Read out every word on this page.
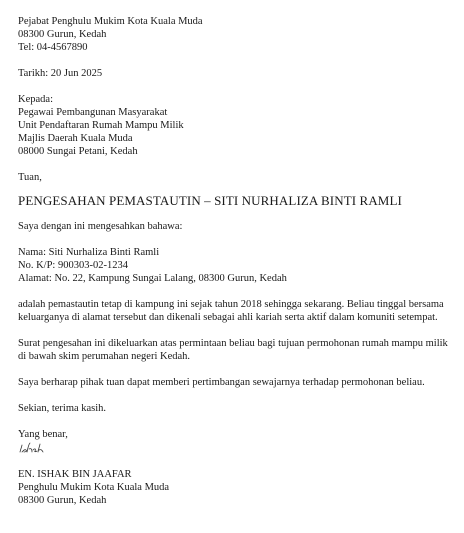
Pejabat Penghulu Mukim Kota Kuala Muda
08300 Gurun, Kedah
Tel: 04-4567890
Tarikh: 20 Jun 2025
Kepada:
Pegawai Pembangunan Masyarakat
Unit Pendaftaran Rumah Mampu Milik
Majlis Daerah Kuala Muda
08000 Sungai Petani, Kedah
Tuan,
PENGESAHAN PEMASTAUTIN – SITI NURHALIZA BINTI RAMLI
Saya dengan ini mengesahkan bahawa:
Nama: Siti Nurhaliza Binti Ramli
No. K/P: 900303-02-1234
Alamat: No. 22, Kampung Sungai Lalang, 08300 Gurun, Kedah
adalah pemastautin tetap di kampung ini sejak tahun 2018 sehingga sekarang. Beliau tinggal bersama keluarganya di alamat tersebut dan dikenali sebagai ahli kariah serta aktif dalam komuniti setempat.
Surat pengesahan ini dikeluarkan atas permintaan beliau bagi tujuan permohonan rumah mampu milik di bawah skim perumahan negeri Kedah.
Saya berharap pihak tuan dapat memberi pertimbangan sewajarnya terhadap permohonan beliau.
Sekian, terima kasih.
Yang benar,
EN. ISHAK BIN JAAFAR
Penghulu Mukim Kota Kuala Muda
08300 Gurun, Kedah
